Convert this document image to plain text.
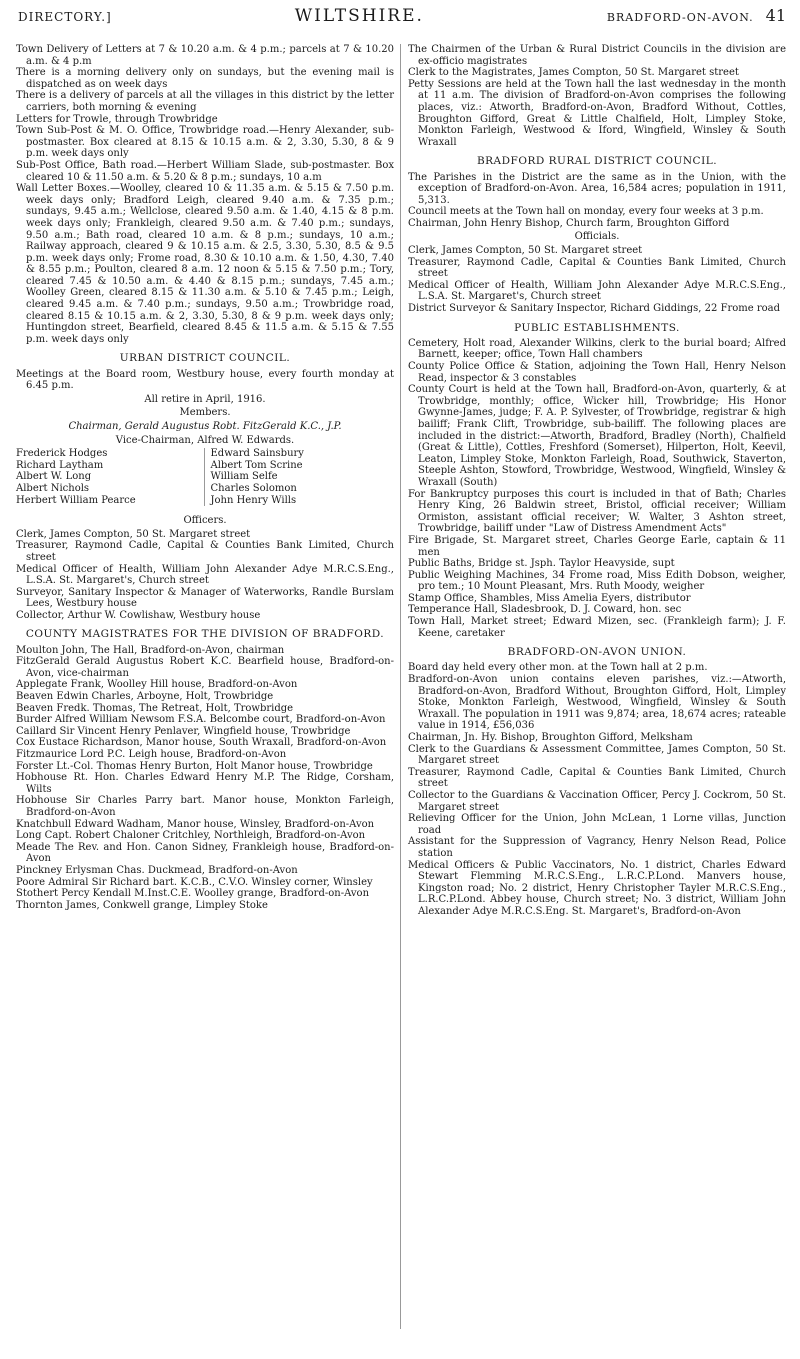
DIRECTORY.]	WILTSHIRE.	BRADFORD-ON-AVON. 41

Town Delivery of Letters at 7 & 10.20 a.m. & 4 p.m.; parcels at 7 & 10.20 a.m. & 4 p.m

There is a morning delivery only on sundays, but the evening mail is dispatched as on week days

There is a delivery of parcels at all the villages in this district by the letter carriers, both morning & evening

Letters for Trowle, through Trowbridge

Town Sub-Post & M. O. Office, Trowbridge road.—Henry Alexander, sub-postmaster. Box cleared at 8.15 & 10.15 a.m. & 2, 3.30, 5.30, 8 & 9 p.m. week days only

Sub-Post Office, Bath road.—Herbert William Slade, sub-postmaster. Box cleared 10 & 11.50 a.m. & 5.20 & 8 p.m.; sundays, 10 a.m

Wall Letter Boxes.—Woolley, cleared 10 & 11.35 a.m. & 5.15 & 7.50 p.m. week days only; Bradford Leigh, cleared 9.40 a.m. & 7.35 p.m.; sundays, 9.45 a.m.; Wellclose, cleared 9.50 a.m. & 1.40, 4.15 & 8 p.m. week days only; Frankleigh, cleared 9.50 a.m. & 7.40 p.m.; sundays, 9.50 a.m.; Bath road, cleared 10 a.m. & 8 p.m.; sundays, 10 a.m.; Railway approach, cleared 9 & 10.15 a.m. & 2.5, 3.30, 5.30, 8.5 & 9.5 p.m. week days only; Frome road, 8.30 & 10.10 a.m. & 1.50, 4.30, 7.40 & 8.55 p.m.; Poulton, cleared 8 a.m. 12 noon & 5.15 & 7.50 p.m.; Tory, cleared 7.45 & 10.50 a.m. & 4.40 & 8.15 p.m.; sundays, 7.45 a.m.; Woolley Green, cleared 8.15 & 11.30 a.m. & 5.10 & 7.45 p.m.; Leigh, cleared 9.45 a.m. & 7.40 p.m.; sundays, 9.50 a.m.; Trowbridge road, cleared 8.15 & 10.15 a.m. & 2, 3.30, 5.30, 8 & 9 p.m. week days only; Huntingdon street, Bearfield, cleared 8.45 & 11.5 a.m. & 5.15 & 7.55 p.m. week days only

URBAN DISTRICT COUNCIL.

Meetings at the Board room, Westbury house, every fourth monday at 6.45 p.m.

All retire in April, 1916.
Members.
Chairman, Gerald Augustus Robt. FitzGerald K.C., J.P.
Vice-Chairman, Alfred W. Edwards.
Frederick Hodges
Richard Laytham
Albert W. Long
Albert Nichols
Herbert William Pearce
Edward Sainsbury
Albert Tom Scrine
William Selfe
Charles Solomon
John Henry Wills
Officers.

Clerk, James Compton, 50 St. Margaret street

Treasurer, Raymond Cadle, Capital & Counties Bank Limited, Church street

Medical Officer of Health, William John Alexander Adye M.R.C.S.Eng., L.S.A. St. Margaret's, Church street

Surveyor, Sanitary Inspector & Manager of Waterworks, Randle Burslam Lees, Westbury house

Collector, Arthur W. Cowlishaw, Westbury house

COUNTY MAGISTRATES FOR THE DIVISION OF BRADFORD.

Moulton John, The Hall, Bradford-on-Avon, chairman

FitzGerald Gerald Augustus Robert K.C. Bearfield house, Bradford-on-Avon, vice-chairman

Applegate Frank, Woolley Hill house, Bradford-on-Avon

Beaven Edwin Charles, Arboyne, Holt, Trowbridge

Beaven Fredk. Thomas, The Retreat, Holt, Trowbridge

Burder Alfred William Newsom F.S.A. Belcombe court, Bradford-on-Avon

Caillard Sir Vincent Henry Penlaver, Wingfield house, Trowbridge

Cox Eustace Richardson, Manor house, South Wraxall, Bradford-on-Avon

Fitzmaurice Lord P.C. Leigh house, Bradford-on-Avon

Forster Lt.-Col. Thomas Henry Burton, Holt Manor house, Trowbridge

Hobhouse Rt. Hon. Charles Edward Henry M.P. The Ridge, Corsham, Wilts

Hobhouse Sir Charles Parry bart. Manor house, Monkton Farleigh, Bradford-on-Avon

Knatchbull Edward Wadham, Manor house, Winsley, Bradford-on-Avon

Long Capt. Robert Chaloner Critchley, Northleigh, Bradford-on-Avon

Meade The Rev. and Hon. Canon Sidney, Frankleigh house, Bradford-on-Avon

Pinckney Erlysman Chas. Duckmead, Bradford-on-Avon

Poore Admiral Sir Richard bart. K.C.B., C.V.O. Winsley corner, Winsley

Stothert Percy Kendall M.Inst.C.E. Woolley grange, Bradford-on-Avon

Thornton James, Conkwell grange, Limpley Stoke

The Chairmen of the Urban & Rural District Councils in the division are ex-officio magistrates

Clerk to the Magistrates, James Compton, 50 St. Margaret street

Petty Sessions are held at the Town hall the last wednesday in the month at 11 a.m. The division of Bradford-on-Avon comprises the following places, viz.: Atworth, Bradford-on-Avon, Bradford Without, Cottles, Broughton Gifford, Great & Little Chalfield, Holt, Limpley Stoke, Monkton Farleigh, Westwood & Iford, Wingfield, Winsley & South Wraxall

BRADFORD RURAL DISTRICT COUNCIL.

The Parishes in the District are the same as in the Union, with the exception of Bradford-on-Avon. Area, 16,584 acres; population in 1911, 5,313.

Council meets at the Town hall on monday, every four weeks at 3 p.m.

Chairman, John Henry Bishop, Church farm, Broughton Gifford

Officials.

Clerk, James Compton, 50 St. Margaret street

Treasurer, Raymond Cadle, Capital & Counties Bank Limited, Church street

Medical Officer of Health, William John Alexander Adye M.R.C.S.Eng., L.S.A. St. Margaret's, Church street

District Surveyor & Sanitary Inspector, Richard Giddings, 22 Frome road

PUBLIC ESTABLISHMENTS.

Cemetery, Holt road, Alexander Wilkins, clerk to the burial board; Alfred Barnett, keeper; office, Town Hall chambers

County Police Office & Station, adjoining the Town Hall, Henry Nelson Read, inspector & 3 constables

County Court is held at the Town hall, Bradford-on-Avon, quarterly, & at Trowbridge, monthly; office, Wicker hill, Trowbridge; His Honor Gwynne-James, judge; F. A. P. Sylvester, of Trowbridge, registrar & high bailiff; Frank Clift, Trowbridge, sub-bailiff. The following places are included in the district:—Atworth, Bradford, Bradley (North), Chalfield (Great & Little), Cottles, Freshford (Somerset), Hilperton, Holt, Keevil, Leaton, Limpley Stoke, Monkton Farleigh, Road, Southwick, Staverton, Steeple Ashton, Stowford, Trowbridge, Westwood, Wingfield, Winsley & Wraxall (South)

For Bankruptcy purposes this court is included in that of Bath; Charles Henry King, 26 Baldwin street, Bristol, official receiver; William Ormiston, assistant official receiver; W. Walter, 3 Ashton street, Trowbridge, bailiff under "Law of Distress Amendment Acts"

Fire Brigade, St. Margaret street, Charles George Earle, captain & 11 men

Public Baths, Bridge st. Jsph. Taylor Heavyside, supt

Public Weighing Machines, 34 Frome road, Miss Edith Dobson, weigher, pro tem.; 10 Mount Pleasant, Mrs. Ruth Moody, weigher

Stamp Office, Shambles, Miss Amelia Eyers, distributor

Temperance Hall, Sladesbrook, D. J. Coward, hon. sec

Town Hall, Market street; Edward Mizen, sec. (Frankleigh farm); J. F. Keene, caretaker

BRADFORD-ON-AVON UNION.

Board day held every other mon. at the Town hall at 2 p.m.

Bradford-on-Avon union contains eleven parishes, viz.:—Atworth, Bradford-on-Avon, Bradford Without, Broughton Gifford, Holt, Limpley Stoke, Monkton Farleigh, Westwood, Wingfield, Winsley & South Wraxall. The population in 1911 was 9,874; area, 18,674 acres; rateable value in 1914, £56,036

Chairman, Jn. Hy. Bishop, Broughton Gifford, Melksham

Clerk to the Guardians & Assessment Committee, James Compton, 50 St. Margaret street

Treasurer, Raymond Cadle, Capital & Counties Bank Limited, Church street

Collector to the Guardians & Vaccination Officer, Percy J. Cockrom, 50 St. Margaret street

Relieving Officer for the Union, John McLean, 1 Lorne villas, Junction road

Assistant for the Suppression of Vagrancy, Henry Nelson Read, Police station

Medical Officers & Public Vaccinators, No. 1 district, Charles Edward Stewart Flemming M.R.C.S.Eng., L.R.C.P.Lond. Manvers house, Kingston road; No. 2 district, Henry Christopher Tayler M.R.C.S.Eng., L.R.C.P.Lond. Abbey house, Church street; No. 3 district, William John Alexander Adye M.R.C.S.Eng. St. Margaret's, Bradford-on-Avon
